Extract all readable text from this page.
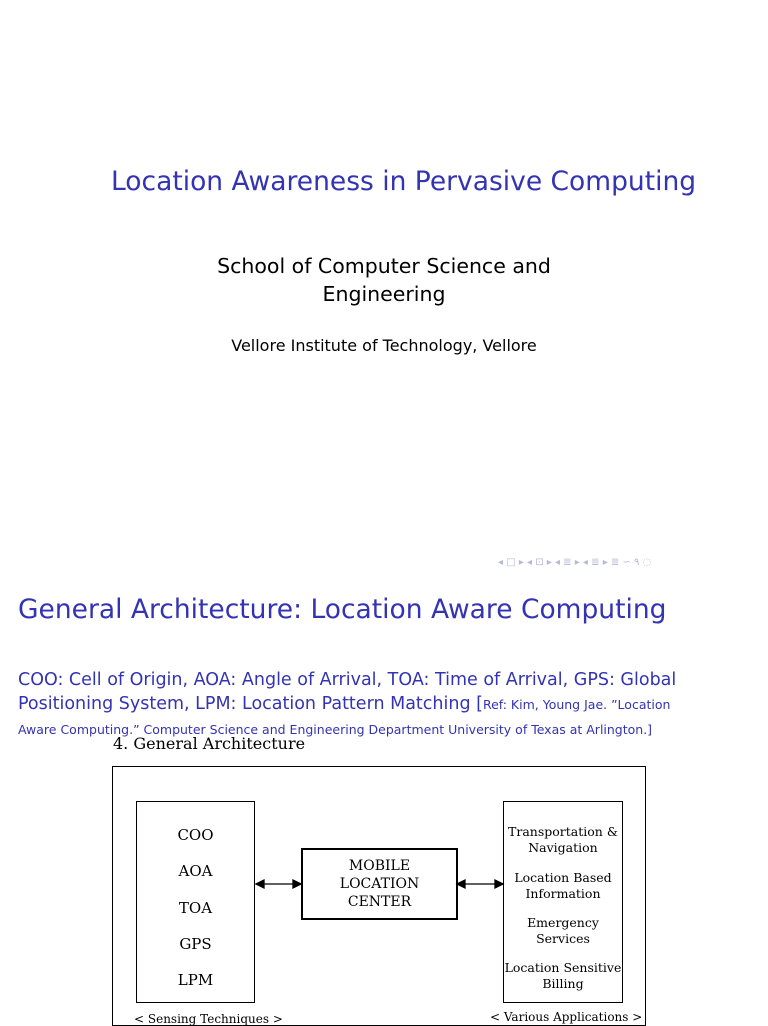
Location Awareness in Pervasive Computing
School of Computer Science and Engineering
Vellore Institute of Technology, Vellore
◂ □ ▸ ◂ ⊡ ▸ ◂ ≣ ▸ ◂ ≣ ▸ ≣ ∽ ۹ ◌
General Architecture: Location Aware Computing
COO: Cell of Origin, AOA: Angle of Arrival, TOA: Time of Arrival, GPS: Global Positioning System, LPM: Location Pattern Matching [Ref: Kim, Young Jae. ”Location Aware Computing.” Computer Science and Engineering Department University of Texas at Arlington.]
4. General Architecture
COO
AOA
TOA
GPS
LPM
MOBILE
LOCATION
CENTER
Transportation &
Navigation
Location Based
Information
Emergency
Services
Location Sensitive
Billing
< Sensing Techniques >	< Various Applications >
